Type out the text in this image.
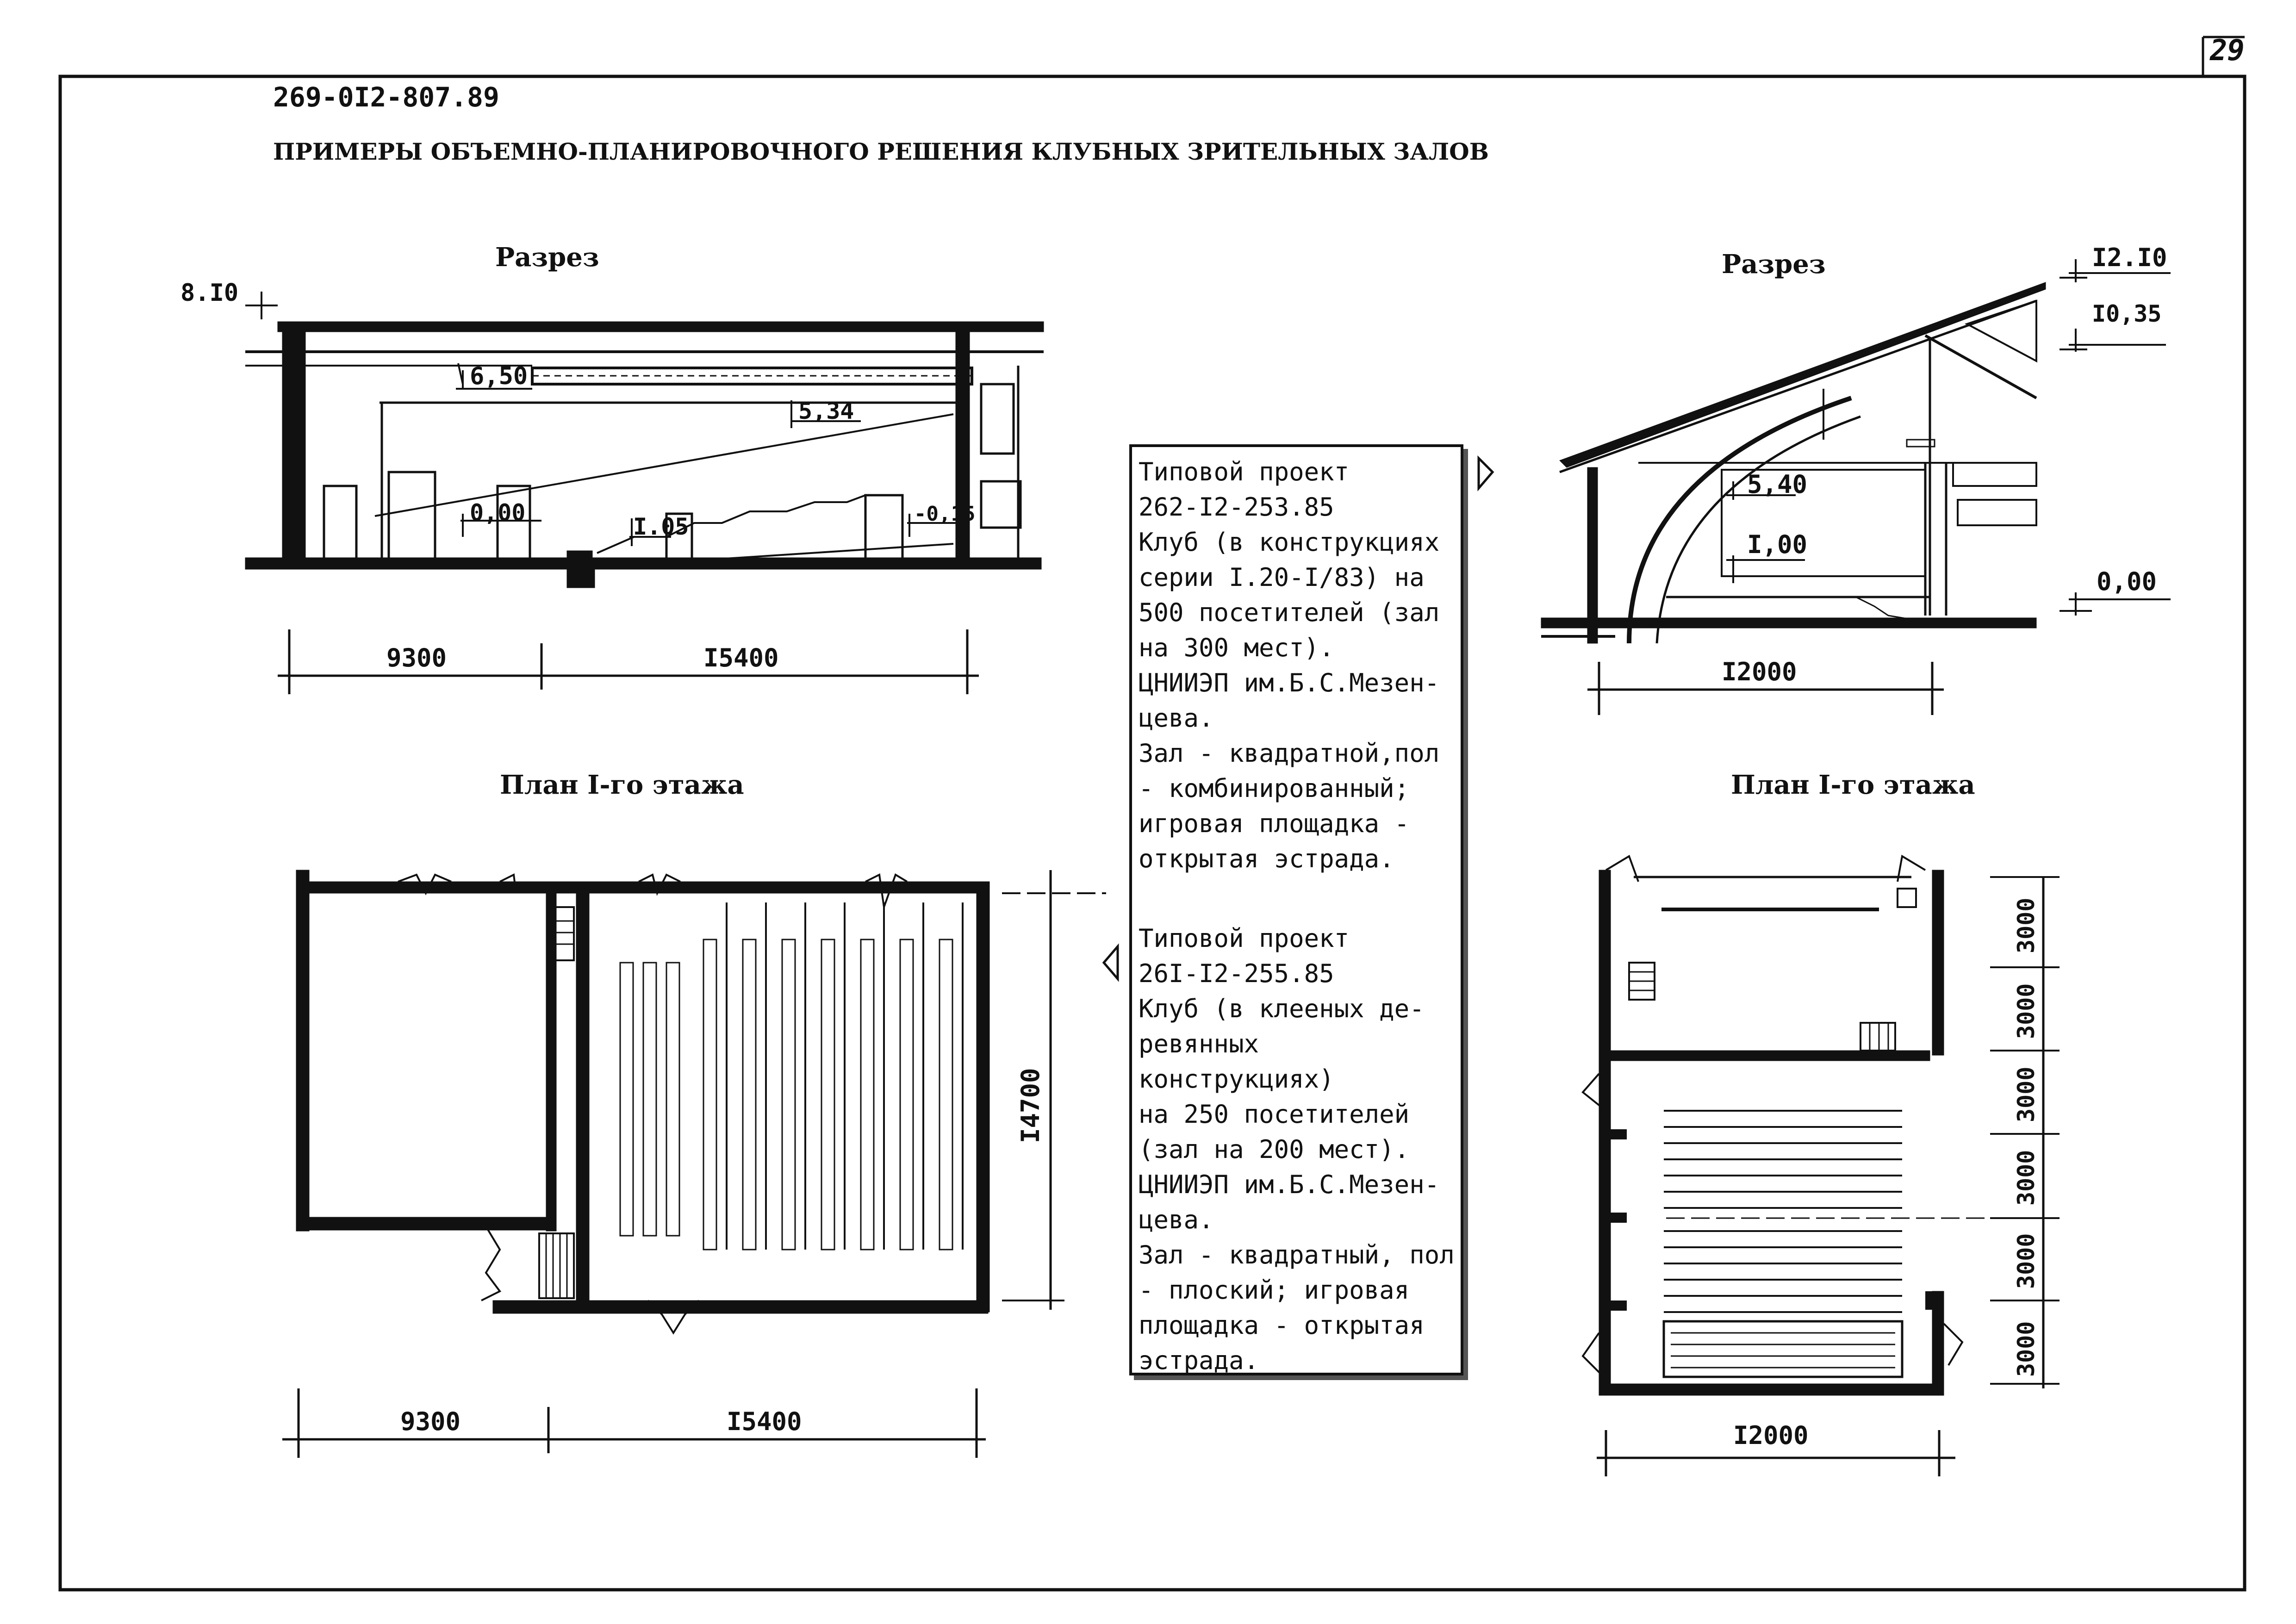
29
269-0I2-807.89
ПРИМЕРЫ ОБЪЕМНО-ПЛАНИРОВОЧНОГО РЕШЕНИЯ КЛУБНЫХ ЗРИТЕЛЬНЫХ ЗАЛОВ
Разрез
8.I0
6,50
5,34
0,00
I.05	-0,15
9300	I5400
План I-го этажа
I4700
9300	I5400
Разрез	I2.I0
I0,35
5,40
I,00
0,00
I2000
План I-го этажа
3000
3000
3000
3000
3000
3000
I2000

Типовой проект
262-I2-253.85
Клуб (в конструкциях
серии I.20-I/83) на
500 посетителей (зал
на 300 мест).
ЦНИИЭП им.Б.С.Мезен-
цева.
Зал - квадратной,пол
- комбинированный;
игровая площадка -
открытая эстрада.

Типовой проект
26I-I2-255.85
Клуб (в клееных де-
ревянных конструкциях)
на 250 посетителей
(зал на 200 мест).
ЦНИИЭП им.Б.С.Мезен-
цева.
Зал - квадратный, пол
- плоский; игровая
площадка - открытая
эстрада.
